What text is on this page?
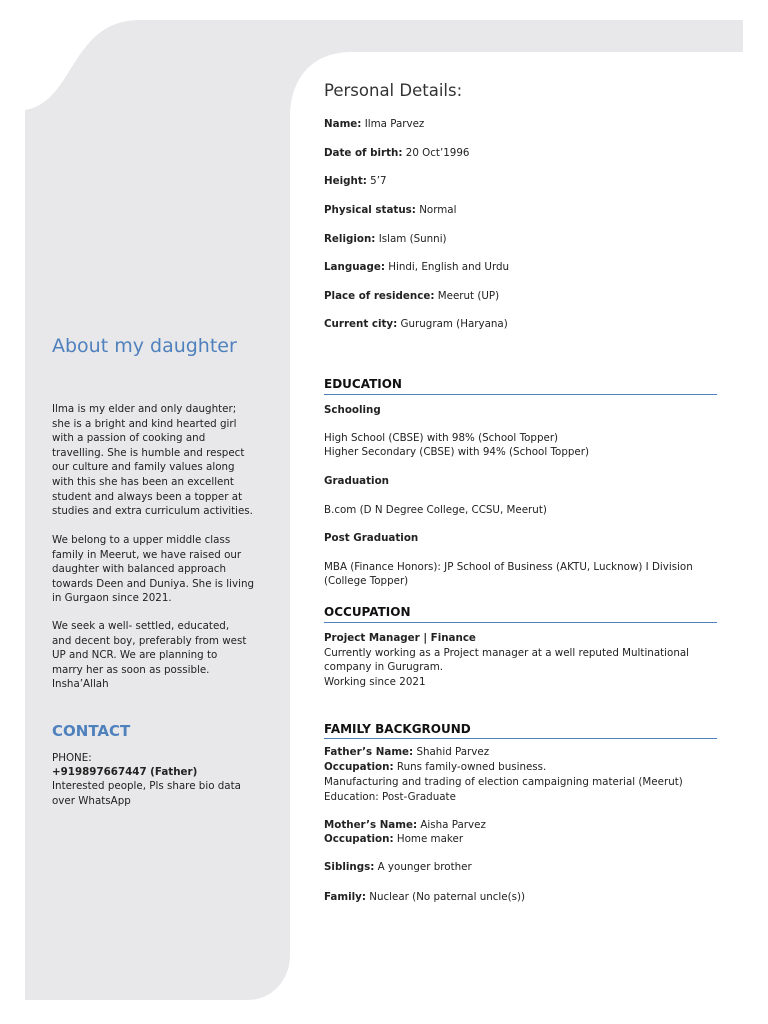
About my daughter
Ilma is my elder and only daughter;
she is a bright and kind hearted girl
with a passion of cooking and
travelling. She is humble and respect
our culture and family values along
with this she has been an excellent
student and always been a topper at
studies and extra curriculum activities.
We belong to a upper middle class
family in Meerut, we have raised our
daughter with balanced approach
towards Deen and Duniya. She is living
in Gurgaon since 2021.
We seek a well- settled, educated,
and decent boy, preferably from west
UP and NCR. We are planning to
marry her as soon as possible.
Insha’Allah
CONTACT
PHONE:
+919897667447 (Father)
Interested people, Pls share bio data
over WhatsApp
Personal Details:
Name: Ilma Parvez
Date of birth: 20 Oct’1996
Height: 5’7
Physical status: Normal
Religion: Islam (Sunni)
Language: Hindi, English and Urdu
Place of residence: Meerut (UP)
Current city: Gurugram (Haryana)
EDUCATION
Schooling
High School (CBSE) with 98% (School Topper)
Higher Secondary (CBSE) with 94% (School Topper)
Graduation
B.com (D N Degree College, CCSU, Meerut)
Post Graduation
MBA (Finance Honors): JP School of Business (AKTU, Lucknow) I Division
(College Topper)
OCCUPATION
Project Manager | Finance
Currently working as a Project manager at a well reputed Multinational
company in Gurugram.
Working since 2021
FAMILY BACKGROUND
Father’s Name: Shahid Parvez
Occupation: Runs family-owned business.
Manufacturing and trading of election campaigning material (Meerut)
Education: Post-Graduate
Mother’s Name: Aisha Parvez
Occupation: Home maker
Siblings: A younger brother
Family: Nuclear (No paternal uncle(s))
